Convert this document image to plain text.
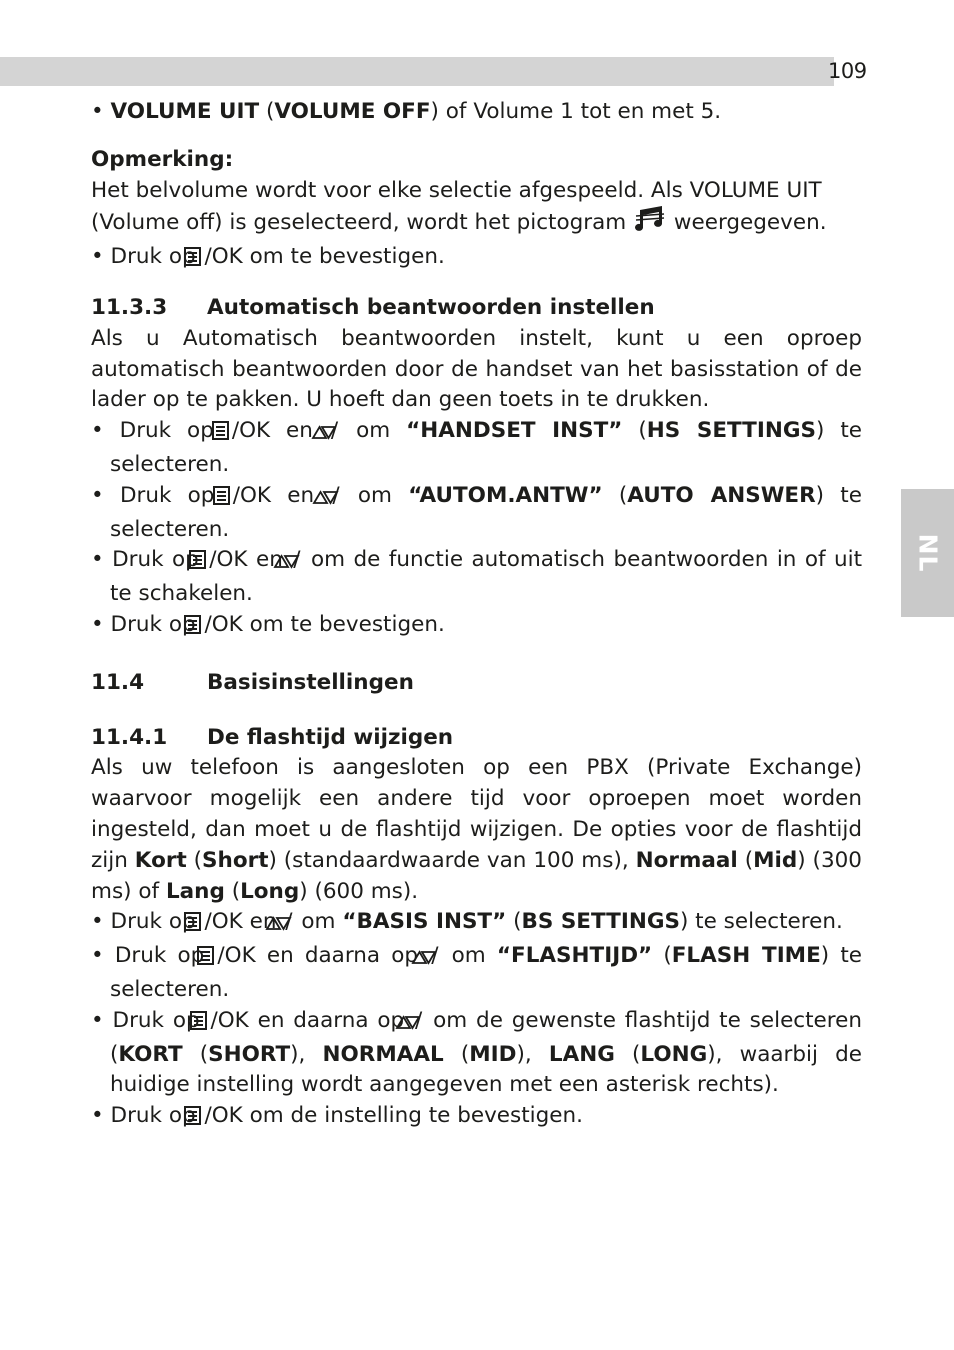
109
NL

• VOLUME UIT (VOLUME OFF) of Volume 1 tot en met 5.

Opmerking:

Het belvolume wordt voor elke selectie afgespeeld. Als VOLUME UIT (Volume off) is geselecteerd, wordt het pictogram  weergegeven.

• Druk op /OK om te bevestigen.

11.3.3 Automatisch beantwoorden instellen

Als u Automatisch beantwoorden instelt, kunt u een oproep automatisch beantwoorden door de handset van het basisstation of de lader op te pakken. U hoeft dan geen toets in te drukken.

• Druk op /OK en / om “HANDSET INST” (HS SETTINGS) te selecteren.

• Druk op /OK en / om “AUTOM.ANTW” (AUTO ANSWER) te selecteren.

• Druk op /OK en / om de functie automatisch beantwoorden in of uit te schakelen.

• Druk op /OK om te bevestigen.

11.4	Basisinstellingen

11.4.1 De flashtijd wijzigen

Als uw telefoon is aangesloten op een PBX (Private Exchange) waarvoor mogelijk een andere tijd voor oproepen moet worden ingesteld, dan moet u de flashtijd wijzigen. De opties voor de flashtijd zijn Kort (Short) (standaardwaarde van 100 ms), Normaal (Mid) (300 ms) of Lang (Long) (600 ms).

• Druk op /OK en / om “BASIS INST” (BS SETTINGS) te selecteren.

• Druk op /OK en daarna op / om “FLASHTIJD” (FLASH TIME) te selecteren.

• Druk op /OK en daarna op / om de gewenste flashtijd te selecteren (KORT (SHORT), NORMAAL (MID), LANG (LONG), waarbij de huidige instelling wordt aangegeven met een asterisk rechts).

• Druk op /OK om de instelling te bevestigen.
